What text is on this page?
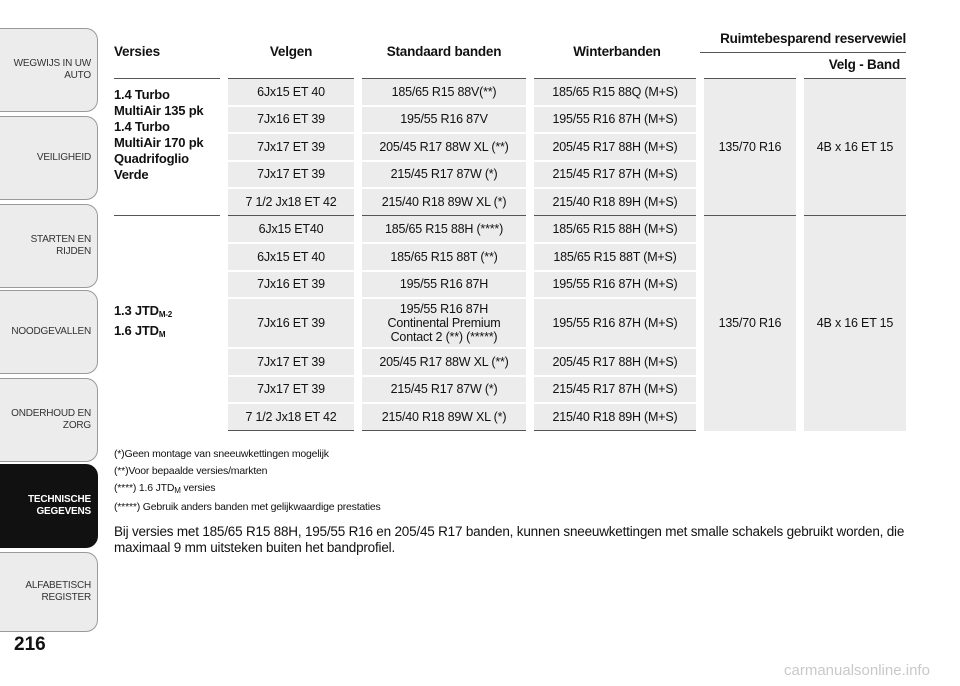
WEGWIJS IN UW
AUTO
VEILIGHEID
STARTEN EN RIJDEN
NOODGEVALLEN
ONDERHOUD EN
ZORG
TECHNISCHE
GEGEVENS
ALFABETISCH
REGISTER
216
Versies	Velgen	Standaard banden	Winterbanden	Ruimtebesparend reservewiel	
				Velg - Band	
1.4 Turbo MultiAir 135 pk 1.4 Turbo MultiAir 170 pk Quadrifoglio Verde	6Jx15 ET 40	185/65 R15 88V(**)	185/65 R15 88Q (M+S)	135/70 R16	4B x 16 ET 15
	7Jx16 ET 39	195/55 R16 87V	195/55 R16 87H (M+S)		
	7Jx17 ET 39	205/45 R17 88W XL (**)	205/45 R17 88H (M+S)		
	7Jx17 ET 39	215/45 R17 87W (*)	215/45 R17 87H (M+S)		
	7 1/2 Jx18 ET 42	215/40 R18 89W XL (*)	215/40 R18 89H (M+S)		
1.3 $JTD_{M-2}$
1.6 $JTD_M$	6Jx15 ET40	185/65 R15 88H (****)	185/65 R15 88H (M+S)	135/70 R16	4B x 16 ET 15
	6Jx15 ET 40	185/65 R15 88T (**)	185/65 R15 88T (M+S)		
	7Jx16 ET 39	195/55 R16 87H	195/55 R16 87H (M+S)		
	7Jx16 ET 39	195/55 R16 87H Continental Premium Contact 2 (**) (*****)	195/55 R16 87H (M+S)		
	7Jx17 ET 39	205/45 R17 88W XL (**)	205/45 R17 88H (M+S)		
	7Jx17 ET 39	215/45 R17 87W (*)	215/45 R17 87H (M+S)		
	7 1/2 Jx18 ET 42	215/40 R18 89W XL (*)	215/40 R18 89H (M+S)		
(*)Geen montage van sneeuwkettingen mogelijk
(**)Voor bepaalde versies/markten
(****) 1.6 $JTD_M$ versies
(*****) Gebruik anders banden met gelijkwaardige prestaties
Bij versies met 185/65 R15 88H, 195/55 R16 en 205/45 R17 banden, kunnen sneeuwkettingen met smalle schakels gebruikt worden, die maximaal 9 mm uitsteken buiten het bandprofiel.
carmanualsonline.info
